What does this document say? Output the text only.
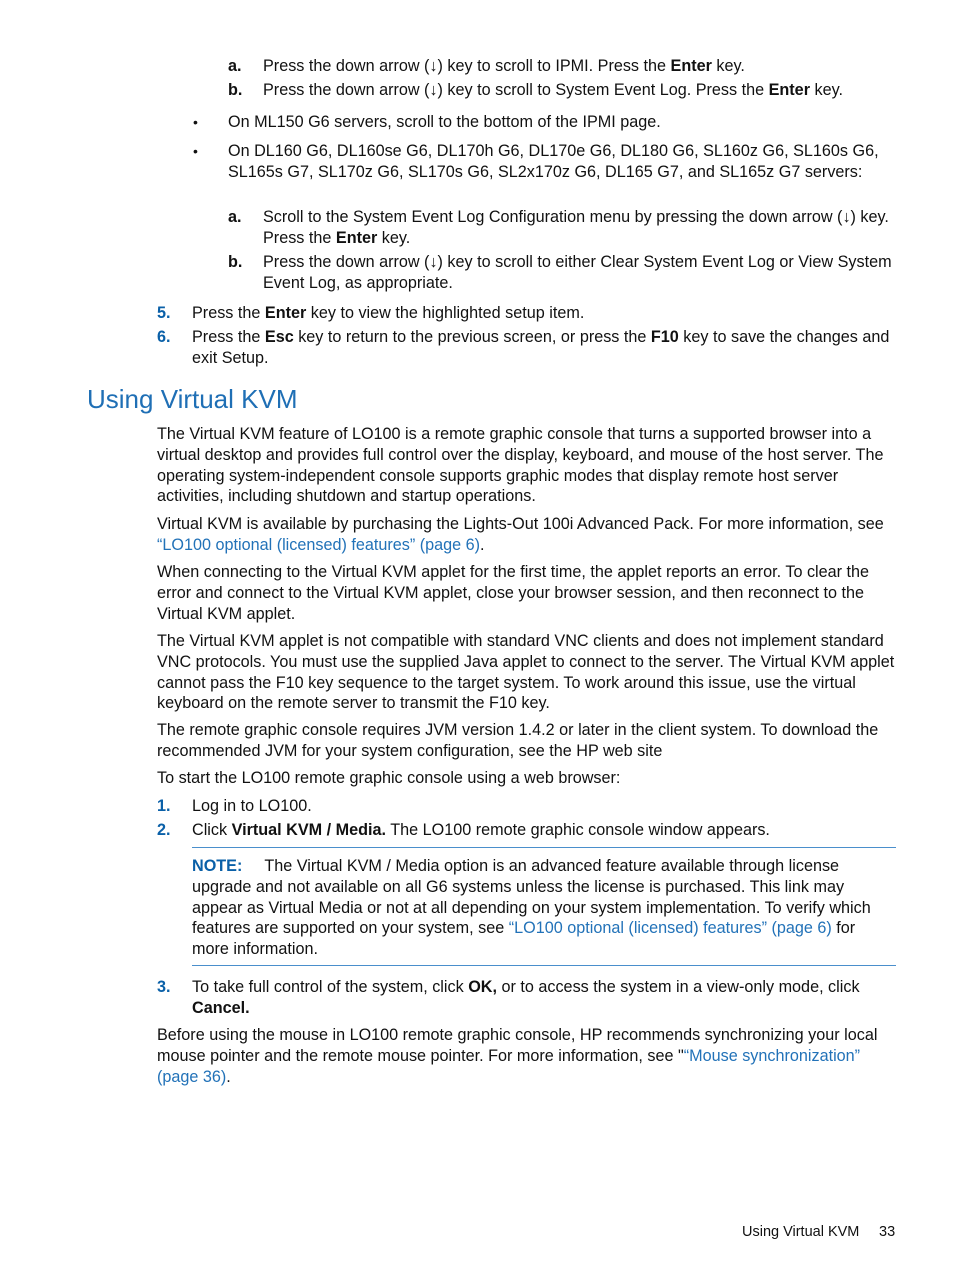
a. Press the down arrow (↓) key to scroll to IPMI. Press the Enter key.
b. Press the down arrow (↓) key to scroll to System Event Log. Press the Enter key.
• On ML150 G6 servers, scroll to the bottom of the IPMI page.
• On DL160 G6, DL160se G6, DL170h G6, DL170e G6, DL180 G6, SL160z G6, SL160s G6, SL165s G7, SL170z G6, SL170s G6, SL2x170z G6, DL165 G7, and SL165z G7 servers:
a. Scroll to the System Event Log Configuration menu by pressing the down arrow (↓) key. Press the Enter key.
b. Press the down arrow (↓) key to scroll to either Clear System Event Log or View System Event Log, as appropriate.
5. Press the Enter key to view the highlighted setup item.
6. Press the Esc key to return to the previous screen, or press the F10 key to save the changes and exit Setup.
Using Virtual KVM
The Virtual KVM feature of LO100 is a remote graphic console that turns a supported browser into a virtual desktop and provides full control over the display, keyboard, and mouse of the host server. The operating system-independent console supports graphic modes that display remote host server activities, including shutdown and startup operations.
Virtual KVM is available by purchasing the Lights-Out 100i Advanced Pack. For more information, see “LO100 optional (licensed) features” (page 6).
When connecting to the Virtual KVM applet for the first time, the applet reports an error. To clear the error and connect to the Virtual KVM applet, close your browser session, and then reconnect to the Virtual KVM applet.
The Virtual KVM applet is not compatible with standard VNC clients and does not implement standard VNC protocols. You must use the supplied Java applet to connect to the server. The Virtual KVM applet cannot pass the F10 key sequence to the target system. To work around this issue, use the virtual keyboard on the remote server to transmit the F10 key.
The remote graphic console requires JVM version 1.4.2 or later in the client system. To download the recommended JVM for your system configuration, see the HP web site
To start the LO100 remote graphic console using a web browser:
1. Log in to LO100.
2. Click Virtual KVM / Media. The LO100 remote graphic console window appears.
NOTE: The Virtual KVM / Media option is an advanced feature available through license upgrade and not available on all G6 systems unless the license is purchased. This link may appear as Virtual Media or not at all depending on your system implementation. To verify which features are supported on your system, see “LO100 optional (licensed) features” (page 6) for more information.
3. To take full control of the system, click OK, or to access the system in a view-only mode, click Cancel.
Before using the mouse in LO100 remote graphic console, HP recommends synchronizing your local mouse pointer and the remote mouse pointer. For more information, see "“Mouse synchronization” (page 36).
Using Virtual KVM 33
